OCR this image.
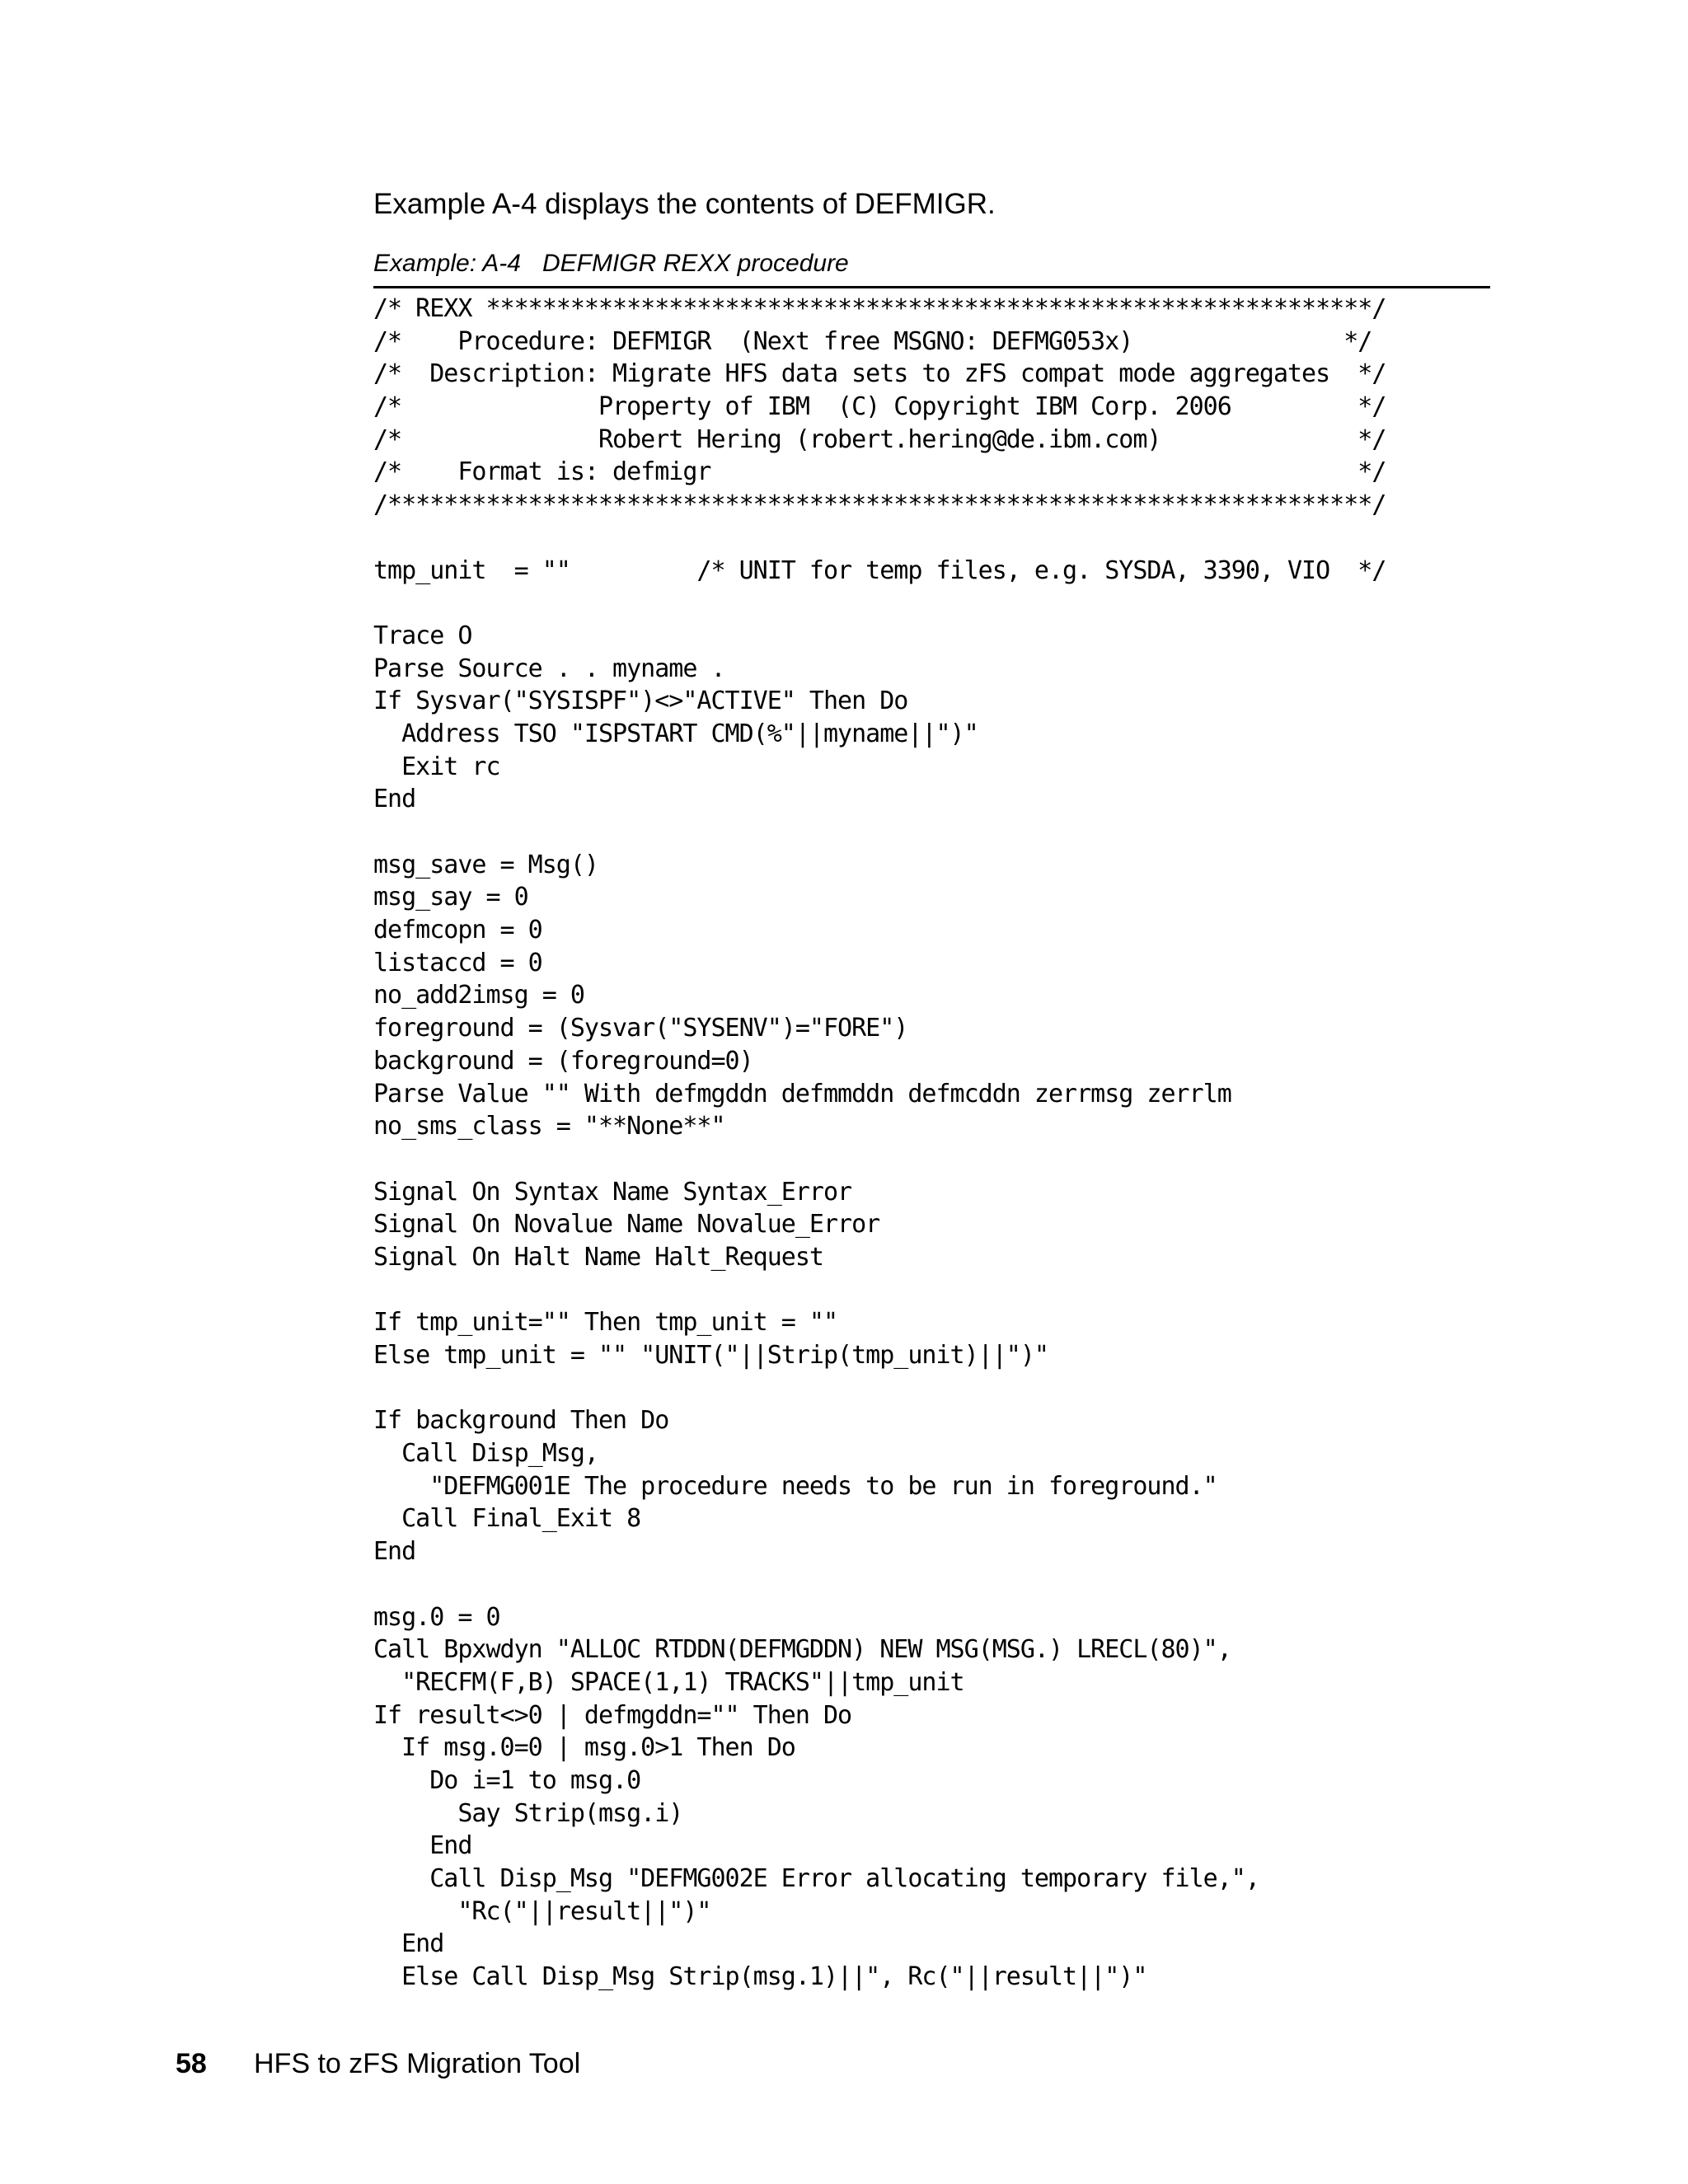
Example A-4 displays the contents of DEFMIGR.
Example: A-4 DEFMIGR REXX procedure
/* REXX ***************************************************************/
/*    Procedure: DEFMIGR  (Next free MSGNO: DEFMG053x)               */
/*  Description: Migrate HFS data sets to zFS compat mode aggregates  */
/*              Property of IBM  (C) Copyright IBM Corp. 2006         */
/*              Robert Hering (robert.hering@de.ibm.com)              */
/*    Format is: defmigr                                              */
/**********************************************************************/
tmp_unit  = ""         /* UNIT for temp files, e.g. SYSDA, 3390, VIO  */
Trace O
Parse Source . . myname .
If Sysvar("SYSISPF")<>"ACTIVE" Then Do
Address TSO "ISPSTART CMD(%"||myname||")"
Exit rc
End
msg_save = Msg()
msg_say = 0
defmcopn = 0
listaccd = 0
no_add2imsg = 0
foreground = (Sysvar("SYSENV")="FORE")
background = (foreground=0)
Parse Value "" With defmgddn defmmddn defmcddn zerrmsg zerrlm
no_sms_class = "**None**"
Signal On Syntax Name Syntax_Error
Signal On Novalue Name Novalue_Error
Signal On Halt Name Halt_Request
If tmp_unit="" Then tmp_unit = ""
Else tmp_unit = "" "UNIT("||Strip(tmp_unit)||")"
If background Then Do
Call Disp_Msg,
"DEFMG001E The procedure needs to be run in foreground."
Call Final_Exit 8
End
msg.0 = 0
Call Bpxwdyn "ALLOC RTDDN(DEFMGDDN) NEW MSG(MSG.) LRECL(80)",
"RECFM(F,B) SPACE(1,1) TRACKS"||tmp_unit
If result<>0 | defmgddn="" Then Do
If msg.0=0 | msg.0>1 Then Do
Do i=1 to msg.0
Say Strip(msg.i)
End
Call Disp_Msg "DEFMG002E Error allocating temporary file,",
"Rc("||result||")"
End
Else Call Disp_Msg Strip(msg.1)||", Rc("||result||")"
58 HFS to zFS Migration Tool
